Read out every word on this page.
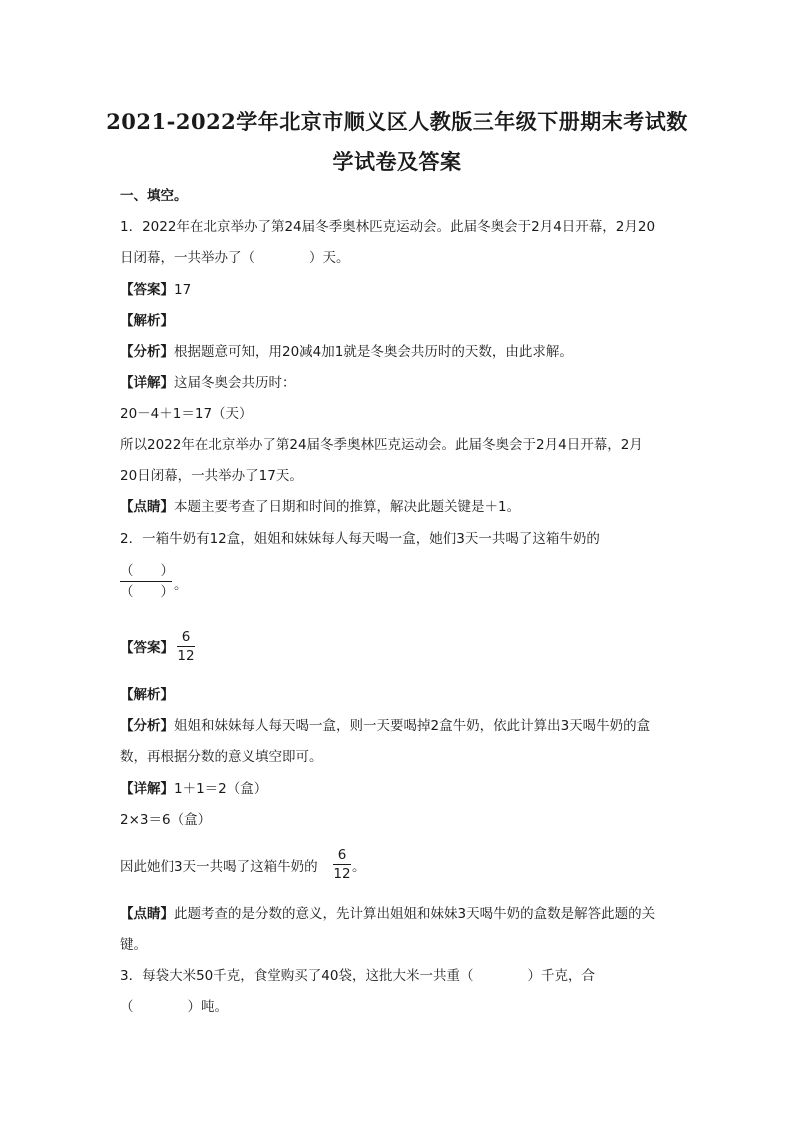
2021-2022学年北京市顺义区人教版三年级下册期末考试数
学试卷及答案
一、填空。
1．2022年在北京举办了第24届冬季奥林匹克运动会。此届冬奥会于2月4日开幕，2月20
日闭幕，一共举办了（　　　　）天。
【答案】17
【解析】
【分析】根据题意可知，用20减4加1就是冬奥会共历时的天数，由此求解。
【详解】这届冬奥会共历时：
20－4＋1＝17（天）
所以2022年在北京举办了第24届冬季奥林匹克运动会。此届冬奥会于2月4日开幕，2月
20日闭幕，一共举办了17天。
【点睛】本题主要考查了日期和时间的推算，解决此题关键是＋1。
2．一箱牛奶有12盒，姐姐和妹妹每人每天喝一盒，她们3天一共喝了这箱牛奶的
（　　）
（　　） 。
【答案】
6
12
【解析】
【分析】姐姐和妹妹每人每天喝一盒，则一天要喝掉2盒牛奶，依此计算出3天喝牛奶的盒
数，再根据分数的意义填空即可。
【详解】1＋1＝2（盒）
2×3＝6（盒）
因此她们3天一共喝了这箱牛奶的
6
12 。
【点睛】此题考查的是分数的意义，先计算出姐姐和妹妹3天喝牛奶的盒数是解答此题的关
键。
3．每袋大米50千克，食堂购买了40袋，这批大米一共重（　　　　）千克，合
（　　　　）吨。
